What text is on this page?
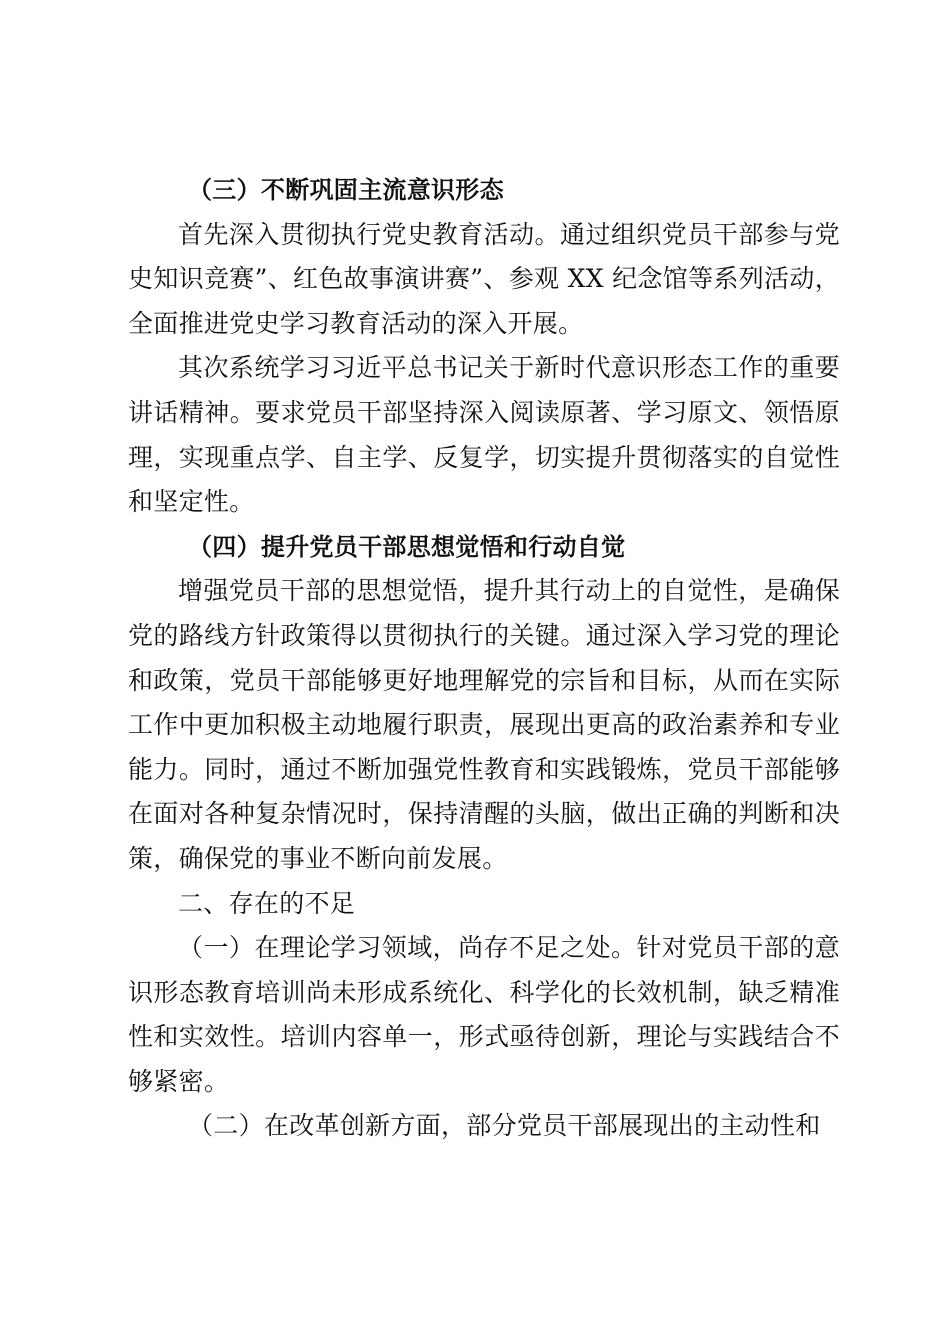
（三）不断巩固主流意识形态

首先深入贯彻执行党史教育活动。通过组织党员干部参与党史知识竞赛”、红色故事演讲赛”、参观 XX 纪念馆等系列活动，全面推进党史学习教育活动的深入开展。

其次系统学习习近平总书记关于新时代意识形态工作的重要讲话精神。要求党员干部坚持深入阅读原著、学习原文、领悟原理，实现重点学、自主学、反复学，切实提升贯彻落实的自觉性和坚定性。

（四）提升党员干部思想觉悟和行动自觉

增强党员干部的思想觉悟，提升其行动上的自觉性，是确保党的路线方针政策得以贯彻执行的关键。通过深入学习党的理论和政策，党员干部能够更好地理解党的宗旨和目标，从而在实际工作中更加积极主动地履行职责，展现出更高的政治素养和专业能力。同时，通过不断加强党性教育和实践锻炼，党员干部能够在面对各种复杂情况时，保持清醒的头脑，做出正确的判断和决策，确保党的事业不断向前发展。

二、存在的不足

（一）在理论学习领域，尚存不足之处。针对党员干部的意识形态教育培训尚未形成系统化、科学化的长效机制，缺乏精准性和实效性。培训内容单一，形式亟待创新，理论与实践结合不够紧密。

（二）在改革创新方面，部分党员干部展现出的主动性和
